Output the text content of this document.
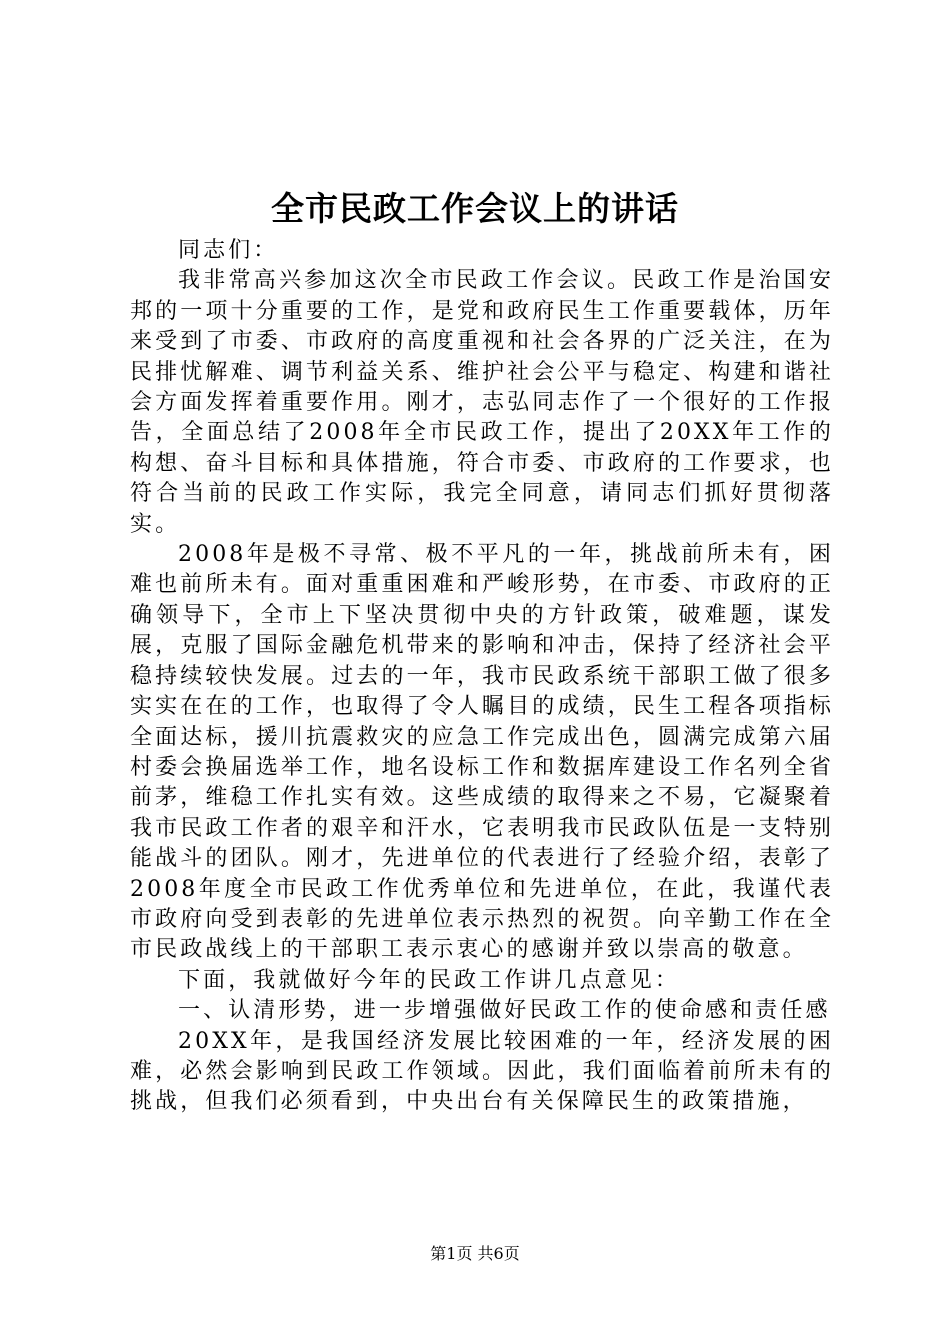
全市民政工作会议上的讲话

同志们：

我非常高兴参加这次全市民政工作会议。民政工作是治国安邦的一项十分重要的工作，是党和政府民生工作重要载体，历年来受到了市委、市政府的高度重视和社会各界的广泛关注，在为民排忧解难、调节利益关系、维护社会公平与稳定、构建和谐社会方面发挥着重要作用。刚才，志弘同志作了一个很好的工作报告，全面总结了2008年全市民政工作，提出了20XX年工作的构想、奋斗目标和具体措施，符合市委、市政府的工作要求，也符合当前的民政工作实际，我完全同意，请同志们抓好贯彻落实。

2008年是极不寻常、极不平凡的一年，挑战前所未有，困难也前所未有。面对重重困难和严峻形势，在市委、市政府的正确领导下，全市上下坚决贯彻中央的方针政策，破难题，谋发展，克服了国际金融危机带来的影响和冲击，保持了经济社会平稳持续较快发展。过去的一年，我市民政系统干部职工做了很多实实在在的工作，也取得了令人瞩目的成绩，民生工程各项指标全面达标，援川抗震救灾的应急工作完成出色，圆满完成第六届村委会换届选举工作，地名设标工作和数据库建设工作名列全省前茅，维稳工作扎实有效。这些成绩的取得来之不易，它凝聚着我市民政工作者的艰辛和汗水，它表明我市民政队伍是一支特别能战斗的团队。刚才，先进单位的代表进行了经验介绍，表彰了2008年度全市民政工作优秀单位和先进单位，在此，我谨代表市政府向受到表彰的先进单位表示热烈的祝贺。向辛勤工作在全市民政战线上的干部职工表示衷心的感谢并致以崇高的敬意。

下面，我就做好今年的民政工作讲几点意见：

一、认清形势，进一步增强做好民政工作的使命感和责任感

20XX年，是我国经济发展比较困难的一年，经济发展的困难，必然会影响到民政工作领域。因此，我们面临着前所未有的挑战，但我们必须看到，中央出台有关保障民生的政策措施，

第1页 共6页
